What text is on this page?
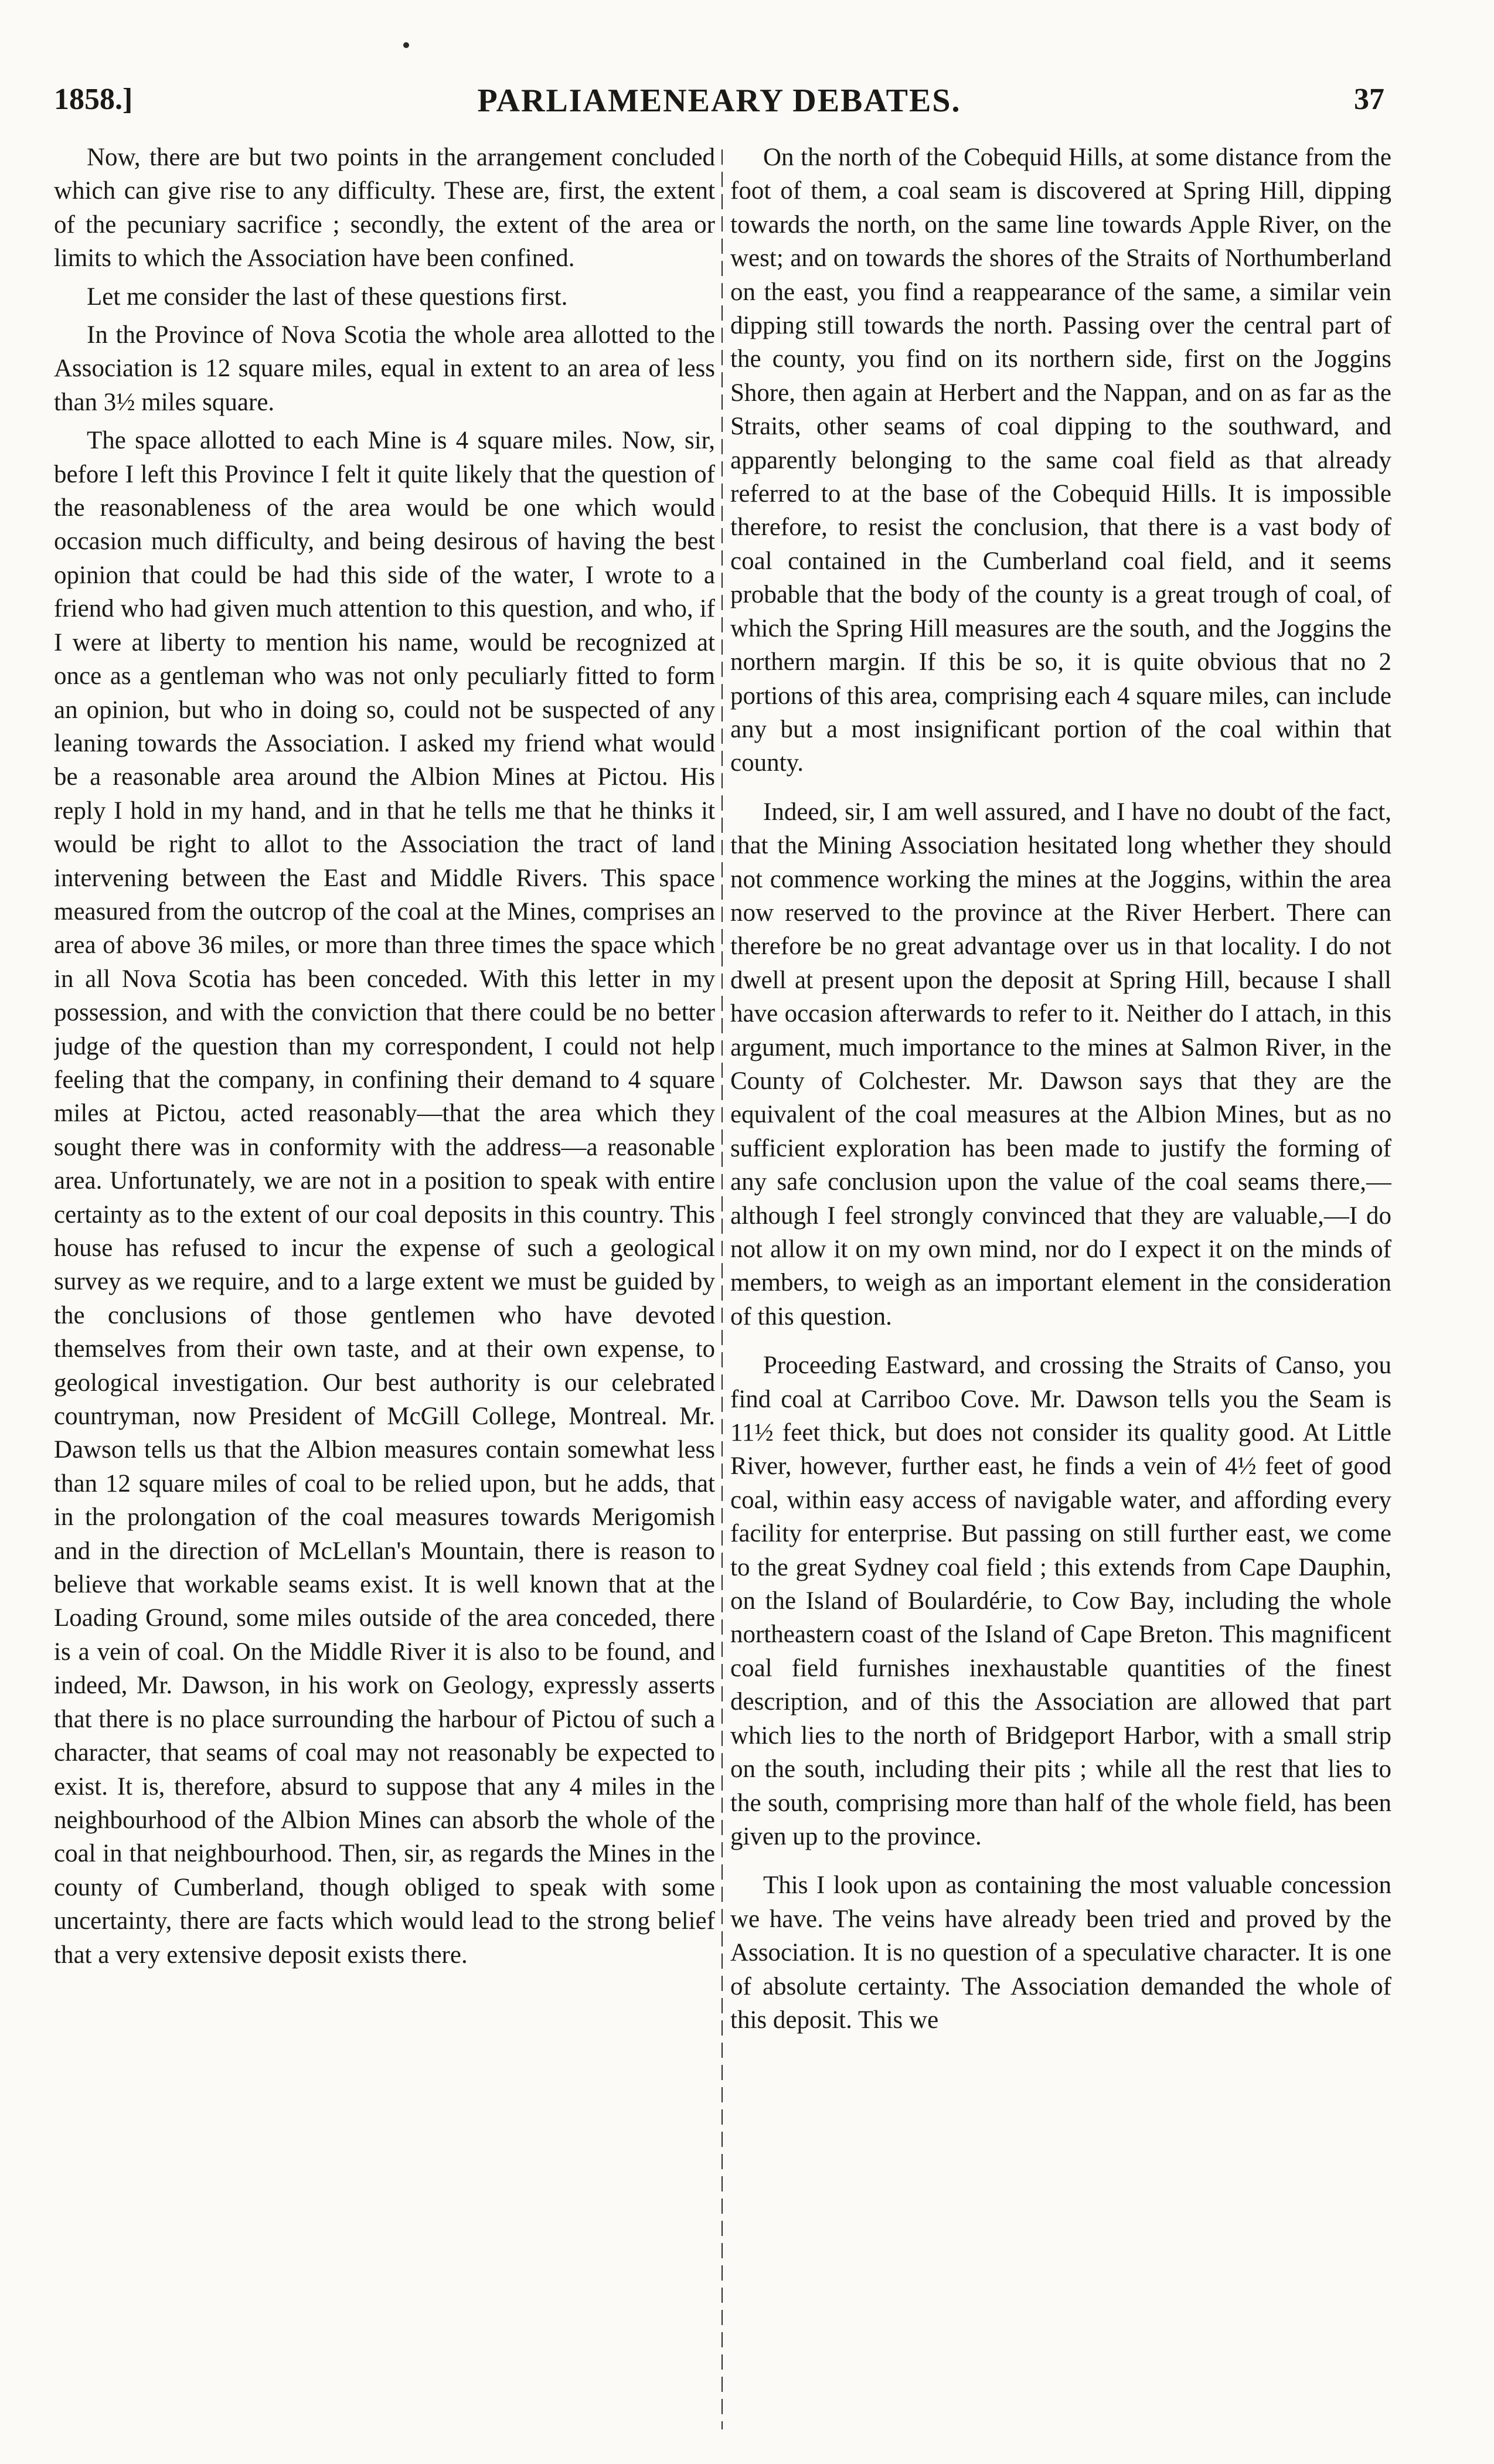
1858.]	PARLIAMENEARY DEBATES.	37

Now, there are but two points in the arrangement concluded which can give rise to any difficulty. These are, first, the extent of the pecuniary sacrifice ; secondly, the extent of the area or limits to which the Association have been confined.

Let me consider the last of these questions first.

In the Province of Nova Scotia the whole area allotted to the Association is 12 square miles, equal in extent to an area of less than 3½ miles square.

The space allotted to each Mine is 4 square miles. Now, sir, before I left this Province I felt it quite likely that the question of the reasonableness of the area would be one which would occasion much difficulty, and being desirous of having the best opinion that could be had this side of the water, I wrote to a friend who had given much attention to this question, and who, if I were at liberty to mention his name, would be recognized at once as a gentleman who was not only peculiarly fitted to form an opinion, but who in doing so, could not be suspected of any leaning towards the Association. I asked my friend what would be a reasonable area around the Albion Mines at Pictou. His reply I hold in my hand, and in that he tells me that he thinks it would be right to allot to the Association the tract of land intervening between the East and Middle Rivers. This space measured from the outcrop of the coal at the Mines, comprises an area of above 36 miles, or more than three times the space which in all Nova Scotia has been conceded. With this letter in my possession, and with the conviction that there could be no better judge of the question than my correspondent, I could not help feeling that the company, in confining their demand to 4 square miles at Pictou, acted reasonably—that the area which they sought there was in conformity with the address—a reasonable area. Unfortunately, we are not in a position to speak with entire certainty as to the extent of our coal deposits in this country. This house has refused to incur the expense of such a geological survey as we require, and to a large extent we must be guided by the conclusions of those gentlemen who have devoted themselves from their own taste, and at their own expense, to geological investigation. Our best authority is our celebrated countryman, now President of McGill College, Montreal. Mr. Dawson tells us that the Albion measures contain somewhat less than 12 square miles of coal to be relied upon, but he adds, that in the prolongation of the coal measures towards Merigomish and in the direction of McLellan's Mountain, there is reason to believe that workable seams exist. It is well known that at the Loading Ground, some miles outside of the area conceded, there is a vein of coal. On the Middle River it is also to be found, and indeed, Mr. Dawson, in his work on Geology, expressly asserts that there is no place surrounding the harbour of Pictou of such a character, that seams of coal may not reasonably be expected to exist. It is, therefore, absurd to suppose that any 4 miles in the neighbourhood of the Albion Mines can absorb the whole of the coal in that neighbourhood. Then, sir, as regards the Mines in the county of Cumberland, though obliged to speak with some uncertainty, there are facts which would lead to the strong belief that a very extensive deposit exists there.

On the north of the Cobequid Hills, at some distance from the foot of them, a coal seam is discovered at Spring Hill, dipping towards the north, on the same line towards Apple River, on the west; and on towards the shores of the Straits of Northumberland on the east, you find a reappearance of the same, a similar vein dipping still towards the north. Passing over the central part of the county, you find on its northern side, first on the Joggins Shore, then again at Herbert and the Nappan, and on as far as the Straits, other seams of coal dipping to the southward, and apparently belonging to the same coal field as that already referred to at the base of the Cobequid Hills. It is impossible therefore, to resist the conclusion, that there is a vast body of coal contained in the Cumberland coal field, and it seems probable that the body of the county is a great trough of coal, of which the Spring Hill measures are the south, and the Joggins the northern margin. If this be so, it is quite obvious that no 2 portions of this area, comprising each 4 square miles, can include any but a most insignificant portion of the coal within that county.

Indeed, sir, I am well assured, and I have no doubt of the fact, that the Mining Association hesitated long whether they should not commence working the mines at the Joggins, within the area now reserved to the province at the River Herbert. There can therefore be no great advantage over us in that locality. I do not dwell at present upon the deposit at Spring Hill, because I shall have occasion afterwards to refer to it. Neither do I attach, in this argument, much importance to the mines at Salmon River, in the County of Colchester. Mr. Dawson says that they are the equivalent of the coal measures at the Albion Mines, but as no sufficient exploration has been made to justify the forming of any safe conclusion upon the value of the coal seams there,—although I feel strongly convinced that they are valuable,—I do not allow it on my own mind, nor do I expect it on the minds of members, to weigh as an important element in the consideration of this question.

Proceeding Eastward, and crossing the Straits of Canso, you find coal at Carriboo Cove. Mr. Dawson tells you the Seam is 11½ feet thick, but does not consider its quality good. At Little River, however, further east, he finds a vein of 4½ feet of good coal, within easy access of navigable water, and affording every facility for enterprise. But passing on still further east, we come to the great Sydney coal field ; this extends from Cape Dauphin, on the Island of Boulardérie, to Cow Bay, including the whole northeastern coast of the Island of Cape Breton. This magnificent coal field furnishes inexhaustable quantities of the finest description, and of this the Association are allowed that part which lies to the north of Bridgeport Harbor, with a small strip on the south, including their pits ; while all the rest that lies to the south, comprising more than half of the whole field, has been given up to the province.

This I look upon as containing the most valuable concession we have. The veins have already been tried and proved by the Association. It is no question of a speculative character. It is one of absolute certainty. The Association demanded the whole of this deposit. This we
